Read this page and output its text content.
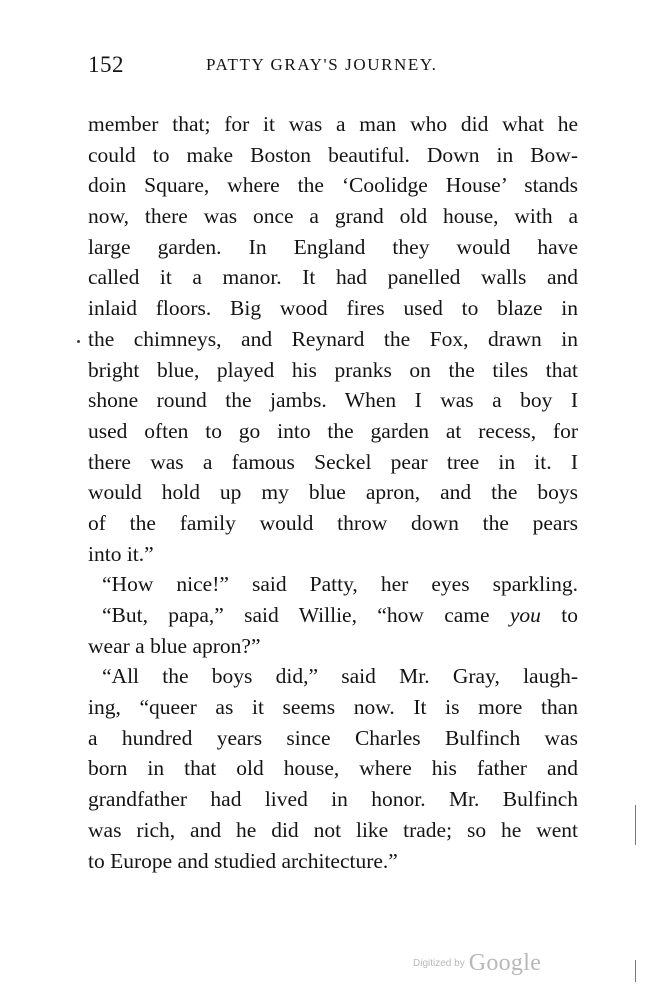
152	PATTY GRAY'S JOURNEY.
member that; for it was a man who did what he
could to make Boston beautiful. Down in Bow-
doin Square, where the ‘Coolidge House’ stands
now, there was once a grand old house, with a
large garden. In England they would have
called it a manor. It had panelled walls and
inlaid floors. Big wood fires used to blaze in
the chimneys, and Reynard the Fox, drawn in
bright blue, played his pranks on the tiles that
shone round the jambs. When I was a boy I
used often to go into the garden at recess, for
there was a famous Seckel pear tree in it. I
would hold up my blue apron, and the boys
of the family would throw down the pears
into it.”
“How nice!” said Patty, her eyes sparkling.
“But, papa,” said Willie, “how came you to
wear a blue apron?”
“All the boys did,” said Mr. Gray, laugh-
ing, “queer as it seems now. It is more than
a hundred years since Charles Bulfinch was
born in that old house, where his father and
grandfather had lived in honor. Mr. Bulfinch
was rich, and he did not like trade; so he went
to Europe and studied architecture.”
Digitized by Google
